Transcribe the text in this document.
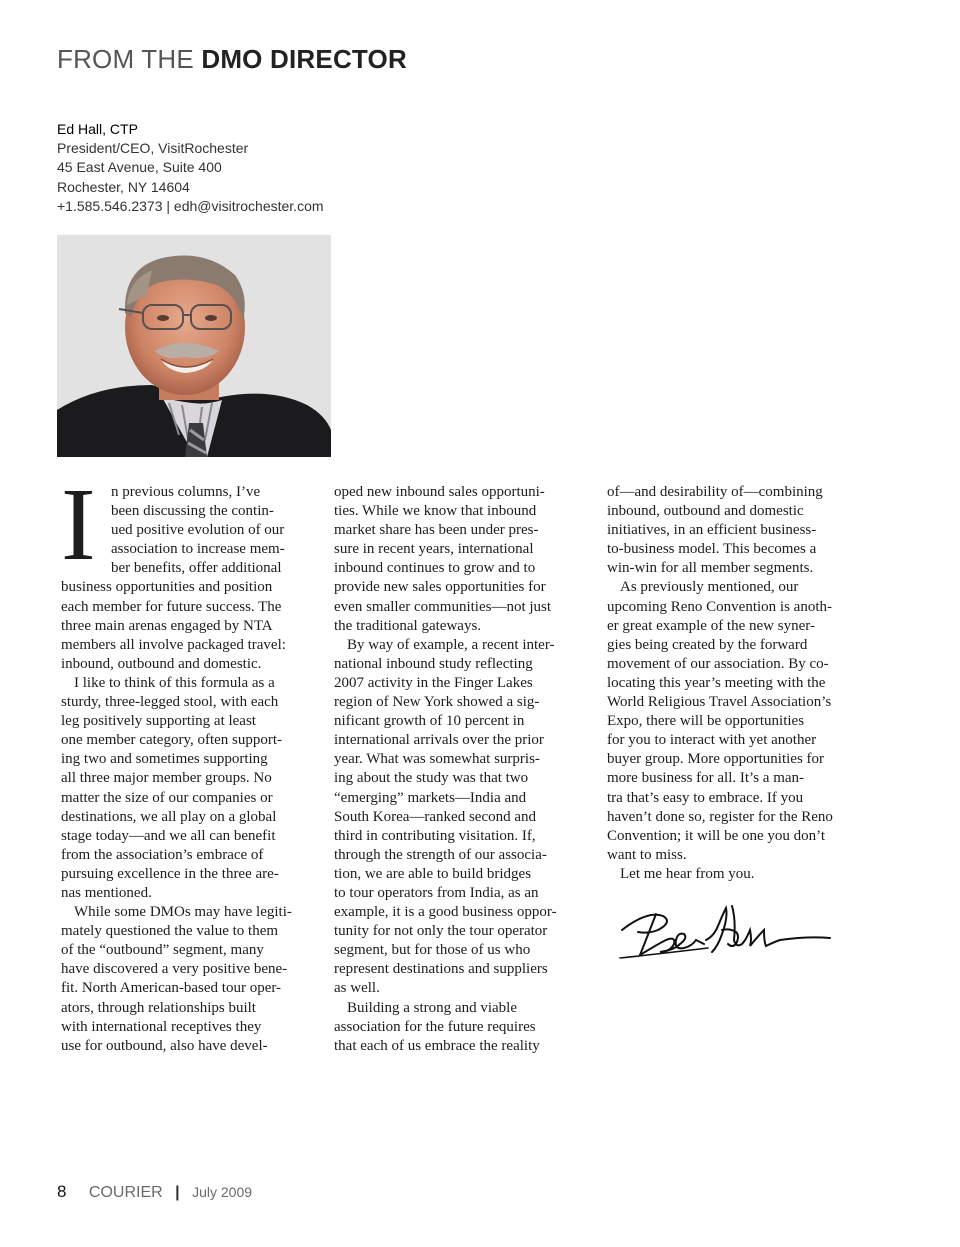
FROM THE DMO DIRECTOR
Ed Hall, CTP
President/CEO, VisitRochester
45 East Avenue, Suite 400
Rochester, NY 14604
+1.585.546.2373 | edh@visitrochester.com
I	n previous columns, I’ve
been discussing the contin-
ued positive evolution of our
association to increase mem-
ber benefits, offer additional
business opportunities and position
each member for future success. The
three main arenas engaged by NTA
members all involve packaged travel:
inbound, outbound and domestic.
I like to think of this formula as a
sturdy, three-legged stool, with each
leg positively supporting at least
one member category, often support-
ing two and sometimes supporting
all three major member groups. No
matter the size of our companies or
destinations, we all play on a global
stage today—and we all can benefit
from the association’s embrace of
pursuing excellence in the three are-
nas mentioned.
While some DMOs may have legiti-
mately questioned the value to them
of the “outbound” segment, many
have discovered a very positive bene-
fit. North American-based tour oper-
ators, through relationships built
with international receptives they
use for outbound, also have devel-
oped new inbound sales opportuni-
ties. While we know that inbound
market share has been under pres-
sure in recent years, international
inbound continues to grow and to
provide new sales opportunities for
even smaller communities—not just
the traditional gateways.
By way of example, a recent inter-
national inbound study reflecting
2007 activity in the Finger Lakes
region of New York showed a sig-
nificant growth of 10 percent in
international arrivals over the prior
year. What was somewhat surpris-
ing about the study was that two
“emerging” markets—India and
South Korea—ranked second and
third in contributing visitation. If,
through the strength of our associa-
tion, we are able to build bridges
to tour operators from India, as an
example, it is a good business oppor-
tunity for not only the tour operator
segment, but for those of us who
represent destinations and suppliers
as well.
Building a strong and viable
association for the future requires
that each of us embrace the reality
of—and desirability of—combining
inbound, outbound and domestic
initiatives, in an efficient business-
to-business model. This becomes a
win-win for all member segments.
As previously mentioned, our
upcoming Reno Convention is anoth-
er great example of the new syner-
gies being created by the forward
movement of our association. By co-
locating this year’s meeting with the
World Religious Travel Association’s
Expo, there will be opportunities
for you to interact with yet another
buyer group. More opportunities for
more business for all. It’s a man-
tra that’s easy to embrace. If you
haven’t done so, register for the Reno
Convention; it will be one you don’t
want to miss.
Let me hear from you.
8 COURIER | July 2009
